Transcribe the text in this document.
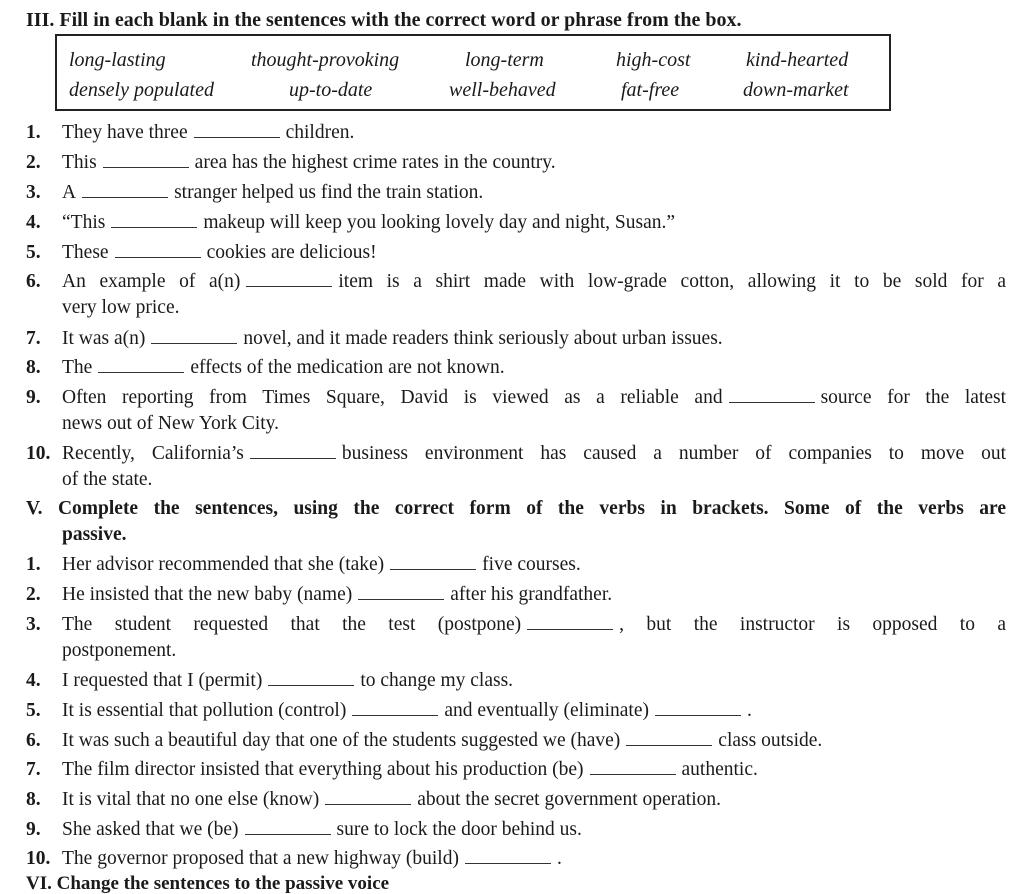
III. Fill in each blank in the sentences with the correct word or phrase from the box.
long-lasting	thought-provoking	long-term	high-cost	kind-hearted
densely populated	up-to-date	well-behaved	fat-free	down-market
1. They have three	children.
2. This	area has the highest crime rates in the country.
3. A	stranger helped us find the train station.
4. “This	makeup will keep you looking lovely day and night, Susan.”
5. These	cookies are delicious!
6. An example of a(n)	item is a shirt made with low-grade cotton, allowing it to be sold for a
very low price.
7. It was a(n)	novel, and it made readers think seriously about urban issues.
8. The	effects of the medication are not known.
9. Often reporting from Times Square, David is viewed as a reliable and	source for the latest
news out of New York City.
10. Recently, California’s	business environment has caused a number of companies to move out
of the state.
V. Complete the sentences, using the correct form of the verbs in brackets. Some of the verbs are
passive.
1. Her advisor recommended that she (take)	five courses.
2. He insisted that the new baby (name)	after his grandfather.
3. The student requested that the test (postpone)	, but the instructor is opposed to a
postponement.
4. I requested that I (permit)	to change my class.
5. It is essential that pollution (control)	and eventually (eliminate)	.
6. It was such a beautiful day that one of the students suggested we (have)	class outside.
7. The film director insisted that everything about his production (be)	authentic.
8. It is vital that no one else (know)	about the secret government operation.
9. She asked that we (be)	sure to lock the door behind us.
10. The governor proposed that a new highway (build)	.
VI. Change the sentences to the passive voice
